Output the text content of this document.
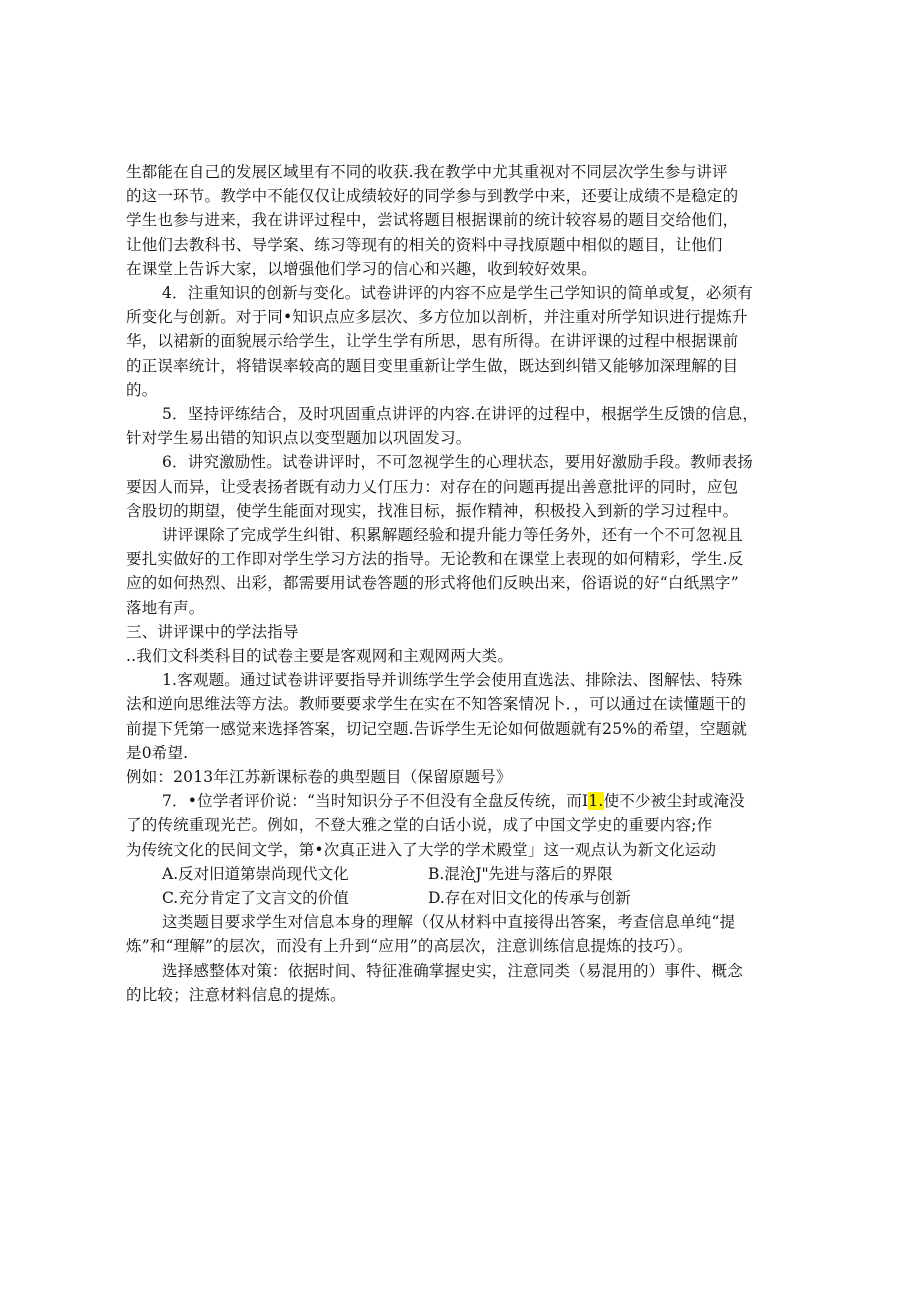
生都能在自己的发展区域里有不同的收获.我在教学中尤其重视对不同层次学生参与讲评
的这一环节。教学中不能仅仅让成绩较好的同学参与到教学中来，还要让成绩不是稳定的
学生也参与进来，我在讲评过程中，尝试将题目根据课前的统计较容易的题目交给他们，
让他们去教科书、导学案、练习等现有的相关的资料中寻找原题中相似的题目，让他们
在课堂上告诉大家，以增强他们学习的信心和兴趣，收到较好效果。
4．注重知识的创新与变化。试卷讲评的内容不应是学生己学知识的简单或复，必须有
所变化与创新。对于同•知识点应多层次、多方位加以剖析，并注重对所学知识进行提炼升
华，以裙新的面貌展示给学生，让学生学有所思，思有所得。在讲评课的过程中根据课前
的正误率统计，将错误率较高的题目变里重新让学生做，既达到纠错又能够加深理解的目
的。
5．坚持评练结合，及时巩固重点讲评的内容.在讲评的过程中，根据学生反馈的信息，
针对学生易出错的知识点以变型题加以巩固发习。
6．讲究激励性。试卷讲评时，不可忽视学生的心理状态，要用好激励手段。教师表扬
要因人而异，让受表扬者既有动力乂仃压力：对存在的问题再提出善意批评的同时，应包
含股切的期望，使学生能面对现实，找准目标，振作精神，积极投入到新的学习过程中。
讲评课除了完成学生纠钳、积累解题经验和提升能力等任务外，还有一个不可忽视且
要扎实做好的工作即对学生学习方法的指导。无论教和在课堂上表现的如何精彩，学生.反
应的如何热烈、出彩，都需要用试卷答题的形式将他们反映出来，俗语说的好“白纸黑字”
落地有声。
三、讲评课中的学法指导
..我们文科类科目的试卷主要是客观网和主观网两大类。
1.客观题。通过试卷讲评要指导并训练学生学会使用直选法、排除法、图解怯、特殊
法和逆向思维法等方法。教师要要求学生在实在不知答案情况卜．，可以通过在读懂题干的
前提下凭第一感觉来选择答案，切记空题.告诉学生无论如何做题就有25%的希望，空题就
是0希望.
例如：2013年江苏新课标卷的典型题目（保留原题号》
7．•位学者评价说：“当时知识分子不但没有全盘反传统，而I1.使不少被尘封或淹没
了的传统重现光芒。例如，不登大雅之堂的白话小说，成了中国文学史的重要内容;作
为传统文化的民间文学，第•次真正进入了大学的学术殿堂」这一观点认为新文化运动
A.反对旧道第崇尚现代文化	B.混沧J"先进与落后的界限
C.充分肯定了文言文的价值	D.存在对旧文化的传承与创新
这类题目要求学生对信息本身的理解（仅从材料中直接得出答案，考查信息单纯“提
炼”和“理解”的层次，而没有上升到“应用”的高层次，注意训练信息提炼的技巧）。
选择感整体对策：依据时间、特征准确掌握史实，注意同类（易混用的）事件、概念
的比较；注意材料信息的提炼。
